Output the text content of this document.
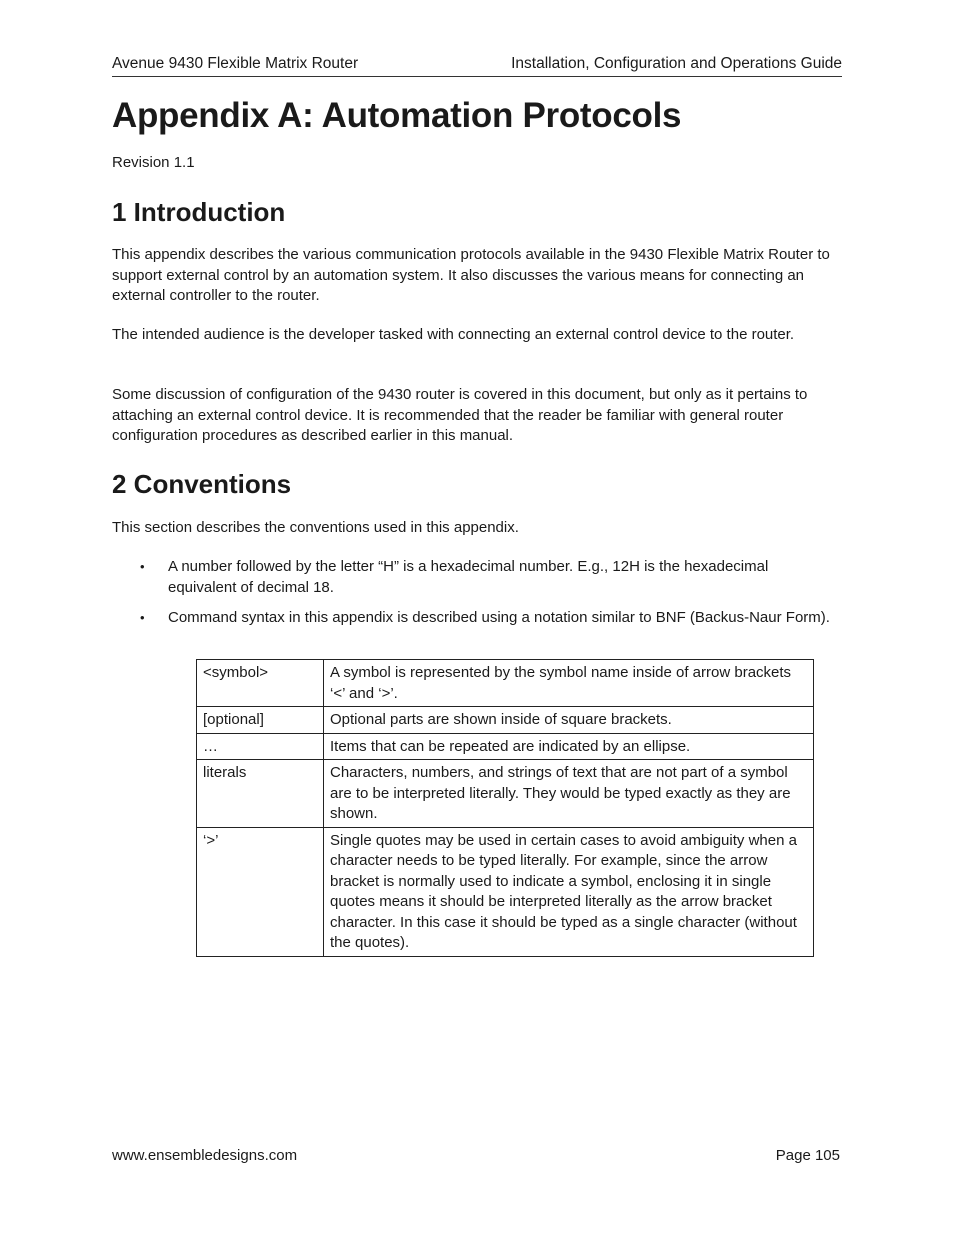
Avenue 9430 Flexible Matrix Router	Installation, Configuration and Operations Guide
Appendix A: Automation Protocols
Revision 1.1
1 Introduction

This appendix describes the various communication protocols available in the 9430 Flexible Matrix Router to support external control by an automation system. It also discusses the various means for connecting an external controller to the router.

The intended audience is the developer tasked with connecting an external control device to the router.

Some discussion of configuration of the 9430 router is covered in this document, but only as it pertains to attaching an external control device. It is recommended that the reader be familiar with general router configuration procedures as described earlier in this manual.

2 Conventions

This section describes the conventions used in this appendix.

• A number followed by the letter “H” is a hexadecimal number. E.g., 12H is the hexadecimal equivalent of decimal 18.
• Command syntax in this appendix is described using a notation similar to BNF (Backus-Naur Form).
<symbol>	A symbol is represented by the symbol name inside of arrow brackets ‘<’ and ‘>’.
[optional]	Optional parts are shown inside of square brackets.
…	Items that can be repeated are indicated by an ellipse.
literals	Characters, numbers, and strings of text that are not part of a symbol are to be interpreted literally. They would be typed exactly as they are shown.
‘>’	Single quotes may be used in certain cases to avoid ambiguity when a character needs to be typed literally. For example, since the arrow bracket is normally used to indicate a symbol, enclosing it in single quotes means it should be interpreted literally as the arrow bracket character. In this case it should be typed as a single character (without the quotes).
www.ensembledesigns.com	Page 105
